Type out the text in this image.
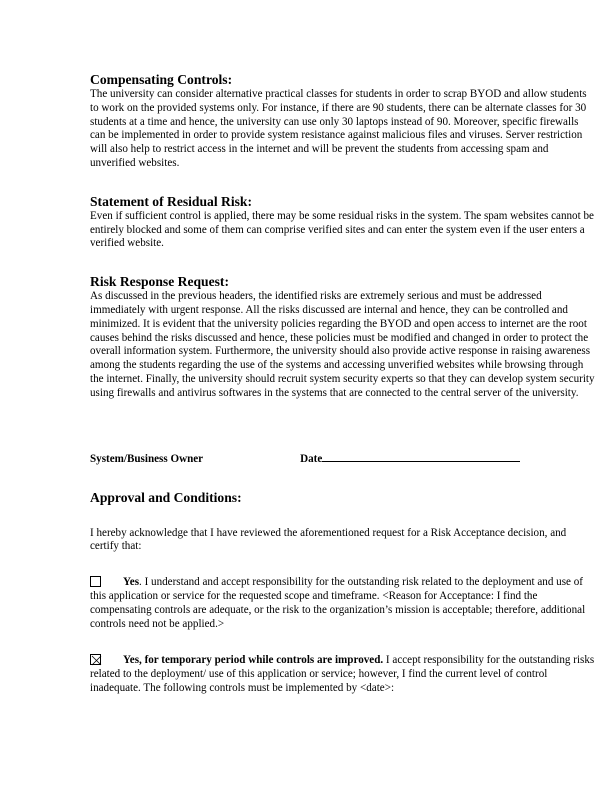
Compensating Controls:

The university can consider alternative practical classes for students in order to scrap BYOD and allow students to work on the provided systems only. For instance, if there are 90 students, there can be alternate classes for 30 students at a time and hence, the university can use only 30 laptops instead of 90. Moreover, specific firewalls can be implemented in order to provide system resistance against malicious files and viruses. Server restriction will also help to restrict access in the internet and will be prevent the students from accessing spam and unverified websites.

Statement of Residual Risk:

Even if sufficient control is applied, there may be some residual risks in the system. The spam websites cannot be entirely blocked and some of them can comprise verified sites and can enter the system even if the user enters a verified website.

Risk Response Request:

As discussed in the previous headers, the identified risks are extremely serious and must be addressed immediately with urgent response. All the risks discussed are internal and hence, they can be controlled and minimized. It is evident that the university policies regarding the BYOD and open access to internet are the root causes behind the risks discussed and hence, these policies must be modified and changed in order to protect the overall information system. Furthermore, the university should also provide active response in raising awareness among the students regarding the use of the systems and accessing unverified websites while browsing through the internet. Finally, the university should recruit system security experts so that they can develop system security using firewalls and antivirus softwares in the systems that are connected to the central server of the university.

System/Business Owner	Date
Approval and Conditions:

I hereby acknowledge that I have reviewed the aforementioned request for a Risk Acceptance decision, and certify that:

Yes. I understand and accept responsibility for the outstanding risk related to the deployment and use of this application or service for the requested scope and timeframe. <Reason for Acceptance: I find the compensating controls are adequate, or the risk to the organization’s mission is acceptable; therefore, additional controls need not be applied.>

Yes, for temporary period while controls are improved. I accept responsibility for the outstanding risks related to the deployment/ use of this application or service; however, I find the current level of control inadequate. The following controls must be implemented by <date>:
